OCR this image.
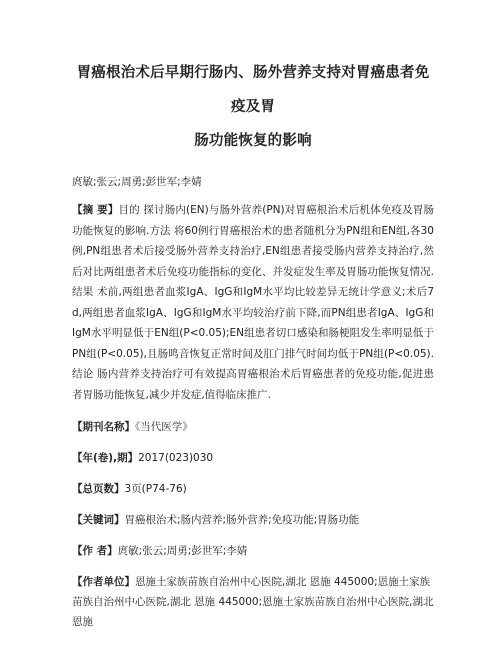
胃癌根治术后早期行肠内、肠外营养支持对胃癌患者免疫及胃
肠功能恢复的影响
庹敏;张云;周勇;彭世军;李婧
【摘 要】目的 探讨肠内(EN)与肠外营养(PN)对胃癌根治术后机体免疫及胃肠功能恢复的影响.方法 将60例行胃癌根治术的患者随机分为PN组和EN组,各30例,PN组患者术后接受肠外营养支持治疗,EN组患者接受肠内营养支持治疗,然后对比两组患者术后免疫功能指标的变化、并发症发生率及胃肠功能恢复情况.结果 术前,两组患者血浆IgA、IgG和IgM水平均比较差异无统计学意义;术后7 d,两组患者血浆IgA、IgG和IgM水平均较治疗前下降,而PN组患者IgA、IgG和IgM水平明显低于EN组(P<0.05);EN组患者切口感染和肠梗阻发生率明显低于PN组(P<0.05),且肠鸣音恢复正常时间及肛门排气时间均低于PN组(P<0.05).结论 肠内营养支持治疗可有效提高胃癌根治术后胃癌患者的免疫功能,促进患者胃肠功能恢复,减少并发症,值得临床推广.
【期刊名称】《当代医学》
【年(卷),期】2017(023)030
【总页数】3页(P74-76)
【关键词】胃癌根治术;肠内营养;肠外营养;免疫功能;胃肠功能
【作 者】庹敏;张云;周勇;彭世军;李婧
【作者单位】恩施土家族苗族自治州中心医院,湖北 恩施 445000;恩施土家族苗族自治州中心医院,湖北 恩施 445000;恩施土家族苗族自治州中心医院,湖北 恩施
